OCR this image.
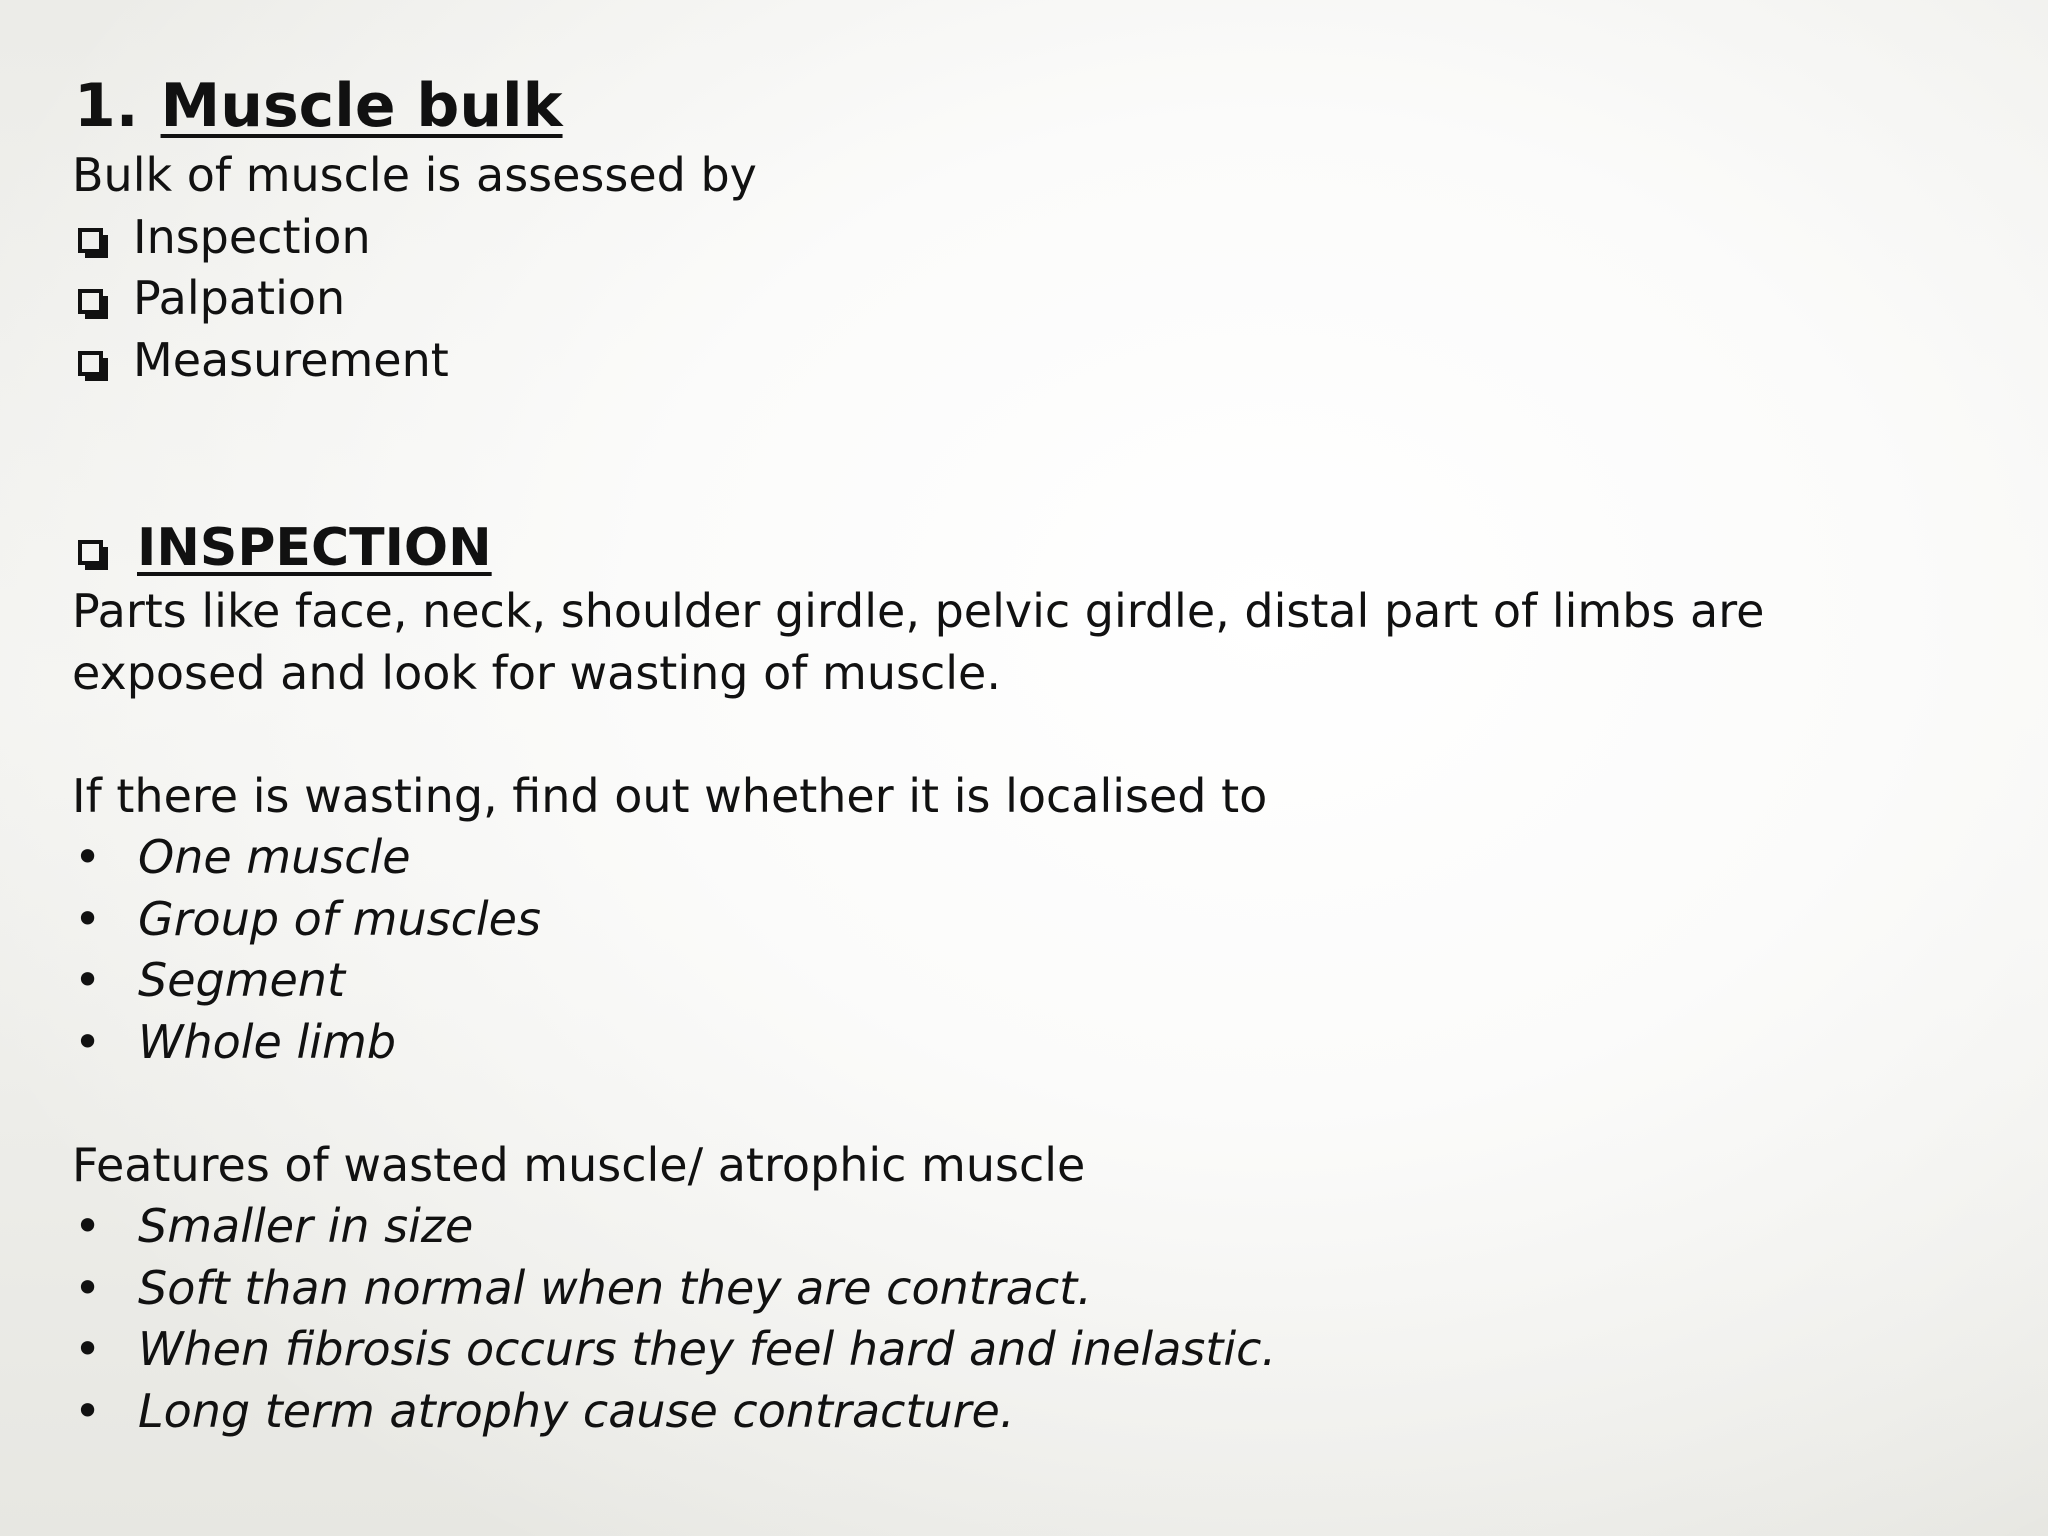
1. Muscle bulk
Bulk of muscle is assessed by
Inspection
Palpation
Measurement
INSPECTION
Parts like face, neck, shoulder girdle, pelvic girdle, distal part of limbs are
exposed and look for wasting of muscle.
If there is wasting, find out whether it is localised to
• One muscle
• Group of muscles
• Segment
• Whole limb
Features of wasted muscle/ atrophic muscle
• Smaller in size
• Soft than normal when they are contract.
• When fibrosis occurs they feel hard and inelastic.
• Long term atrophy cause contracture.
